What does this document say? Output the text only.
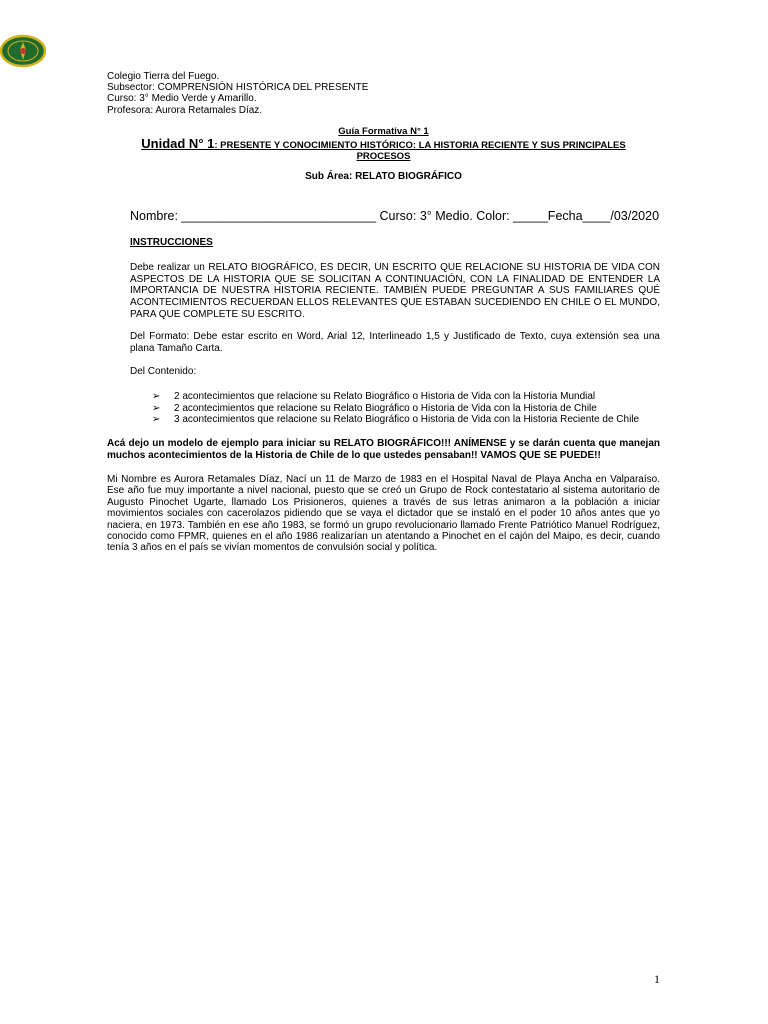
Colegio Tierra del Fuego.
Subsector: COMPRENSIÓN HISTÓRICA DEL PRESENTE
Curso: 3° Medio Verde y Amarillo.
Profesora: Aurora Retamales Díaz.
Guía Formativa N° 1
Unidad N° 1: PRESENTE Y CONOCIMIENTO HISTÓRICO: LA HISTORIA RECIENTE Y SUS PRINCIPALES
PROCESOS
Sub Área: RELATO BIOGRÁFICO
Nombre: ____________________________ Curso: 3° Medio. Color: _____Fecha____/03/2020
INSTRUCCIONES
Debe realizar un RELATO BIOGRÁFICO, ES DECIR, UN ESCRITO QUE RELACIONE SU HISTORIA DE VIDA CON ASPECTOS DE LA HISTORIA QUE SE SOLICITAN A CONTINUACIÓN, CON LA FINALIDAD DE ENTENDER LA IMPORTANCIA DE NUESTRA HISTORIA RECIENTE. TAMBIÉN PUEDE PREGUNTAR A SUS FAMILIARES QUÉ ACONTECIMIENTOS RECUERDAN ELLOS RELEVANTES QUE ESTABAN SUCEDIENDO EN CHILE O EL MUNDO, PARA QUE COMPLETE SU ESCRITO.
Del Formato: Debe estar escrito en Word, Arial 12, Interlineado 1,5 y Justificado de Texto, cuya extensión sea una plana Tamaño Carta.
Del Contenido:
➢ 2 acontecimientos que relacione su Relato Biográfico o Historia de Vida con la Historia Mundial
➢ 2 acontecimientos que relacione su Relato Biográfico o Historia de Vida con la Historia de Chile
➢ 3 acontecimientos que relacione su Relato Biográfico o Historia de Vida con la Historia Reciente de Chile
Acá dejo un modelo de ejemplo para iniciar su RELATO BIOGRÁFICO!!! ANÍMENSE y se darán cuenta que manejan muchos acontecimientos de la Historia de Chile de lo que ustedes pensaban!! VAMOS QUE SE PUEDE!!
Mi Nombre es Aurora Retamales Díaz, Nací un 11 de Marzo de 1983 en el Hospital Naval de Playa Ancha en Valparaíso. Ese año fue muy importante a nivel nacional, puesto que se creó un Grupo de Rock contestatario al sistema autoritario de Augusto Pinochet Ugarte, llamado Los Prisioneros, quienes a través de sus letras animaron a la población a iniciar movimientos sociales con cacerolazos pidiendo que se vaya el dictador que se instaló en el poder 10 años antes que yo naciera, en 1973. También en ese año 1983, se formó un grupo revolucionario llamado Frente Patriótico Manuel Rodríguez, conocido como FPMR, quienes en el año 1986 realizarían un atentando a Pinochet en el cajón del Maipo, es decir, cuando tenía 3 años en el país se vivían momentos de convulsión social y política.
1
